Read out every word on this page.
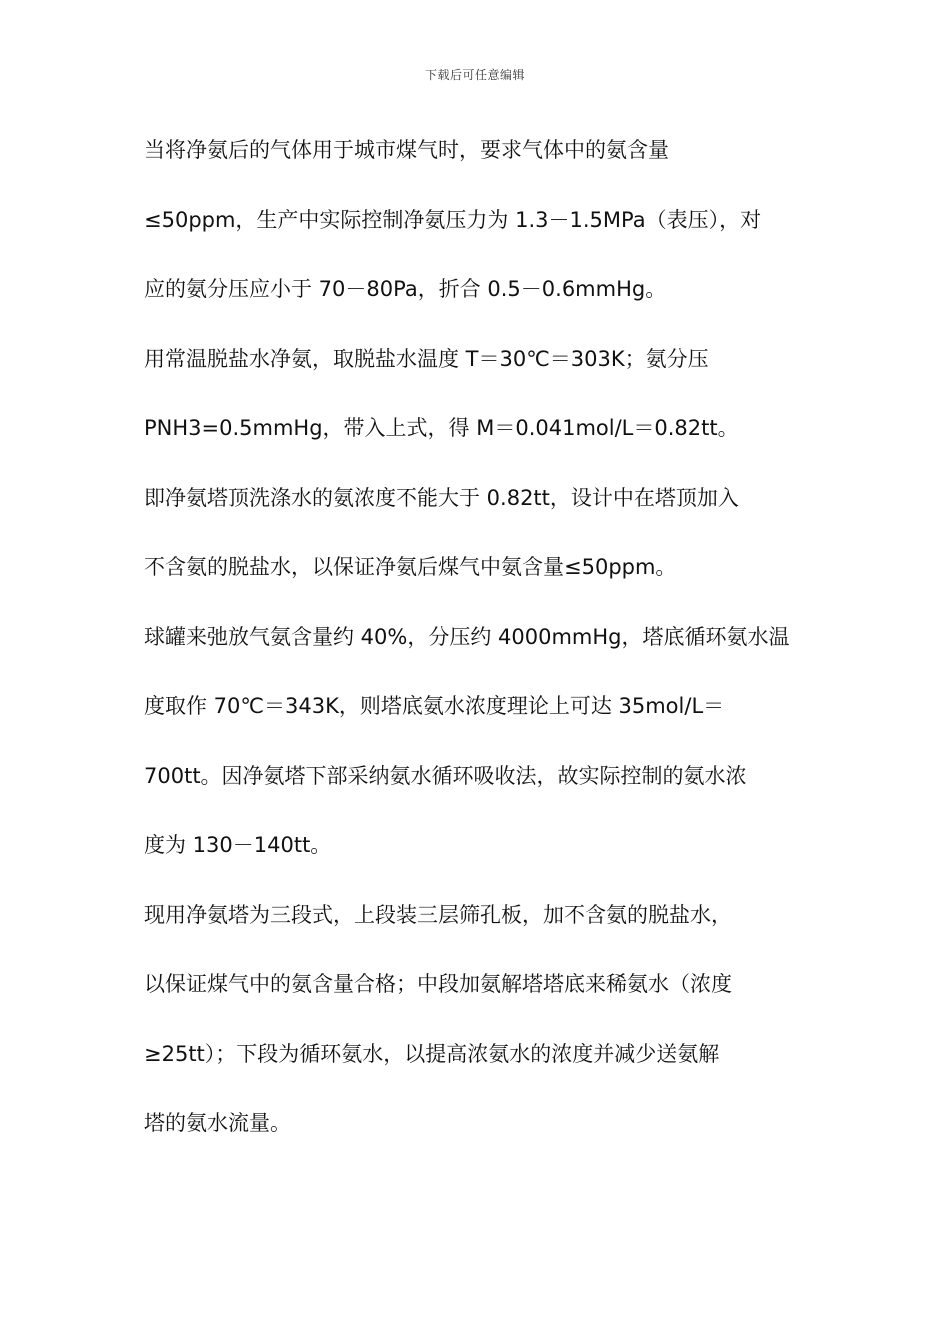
下载后可任意编辑
当将净氨后的气体用于城市煤气时，要求气体中的氨含量
≤50ppm，生产中实际控制净氨压力为 1.3－1.5MPa（表压），对
应的氨分压应小于 70－80Pa，折合 0.5－0.6mmHg。
用常温脱盐水净氨，取脱盐水温度 T＝30℃＝303K；氨分压
PNH3=0.5mmHg，带入上式，得 M＝0.041mol/L＝0.82tt。
即净氨塔顶洗涤水的氨浓度不能大于 0.82tt，设计中在塔顶加入
不含氨的脱盐水，以保证净氨后煤气中氨含量≤50ppm。
球罐来弛放气氨含量约 40%，分压约 4000mmHg，塔底循环氨水温
度取作 70℃＝343K，则塔底氨水浓度理论上可达 35mol/L＝
700tt。因净氨塔下部采纳氨水循环吸收法，故实际控制的氨水浓
度为 130－140tt。
现用净氨塔为三段式，上段装三层筛孔板，加不含氨的脱盐水，
以保证煤气中的氨含量合格；中段加氨解塔塔底来稀氨水（浓度
≥25tt）；下段为循环氨水，以提高浓氨水的浓度并减少送氨解
塔的氨水流量。
